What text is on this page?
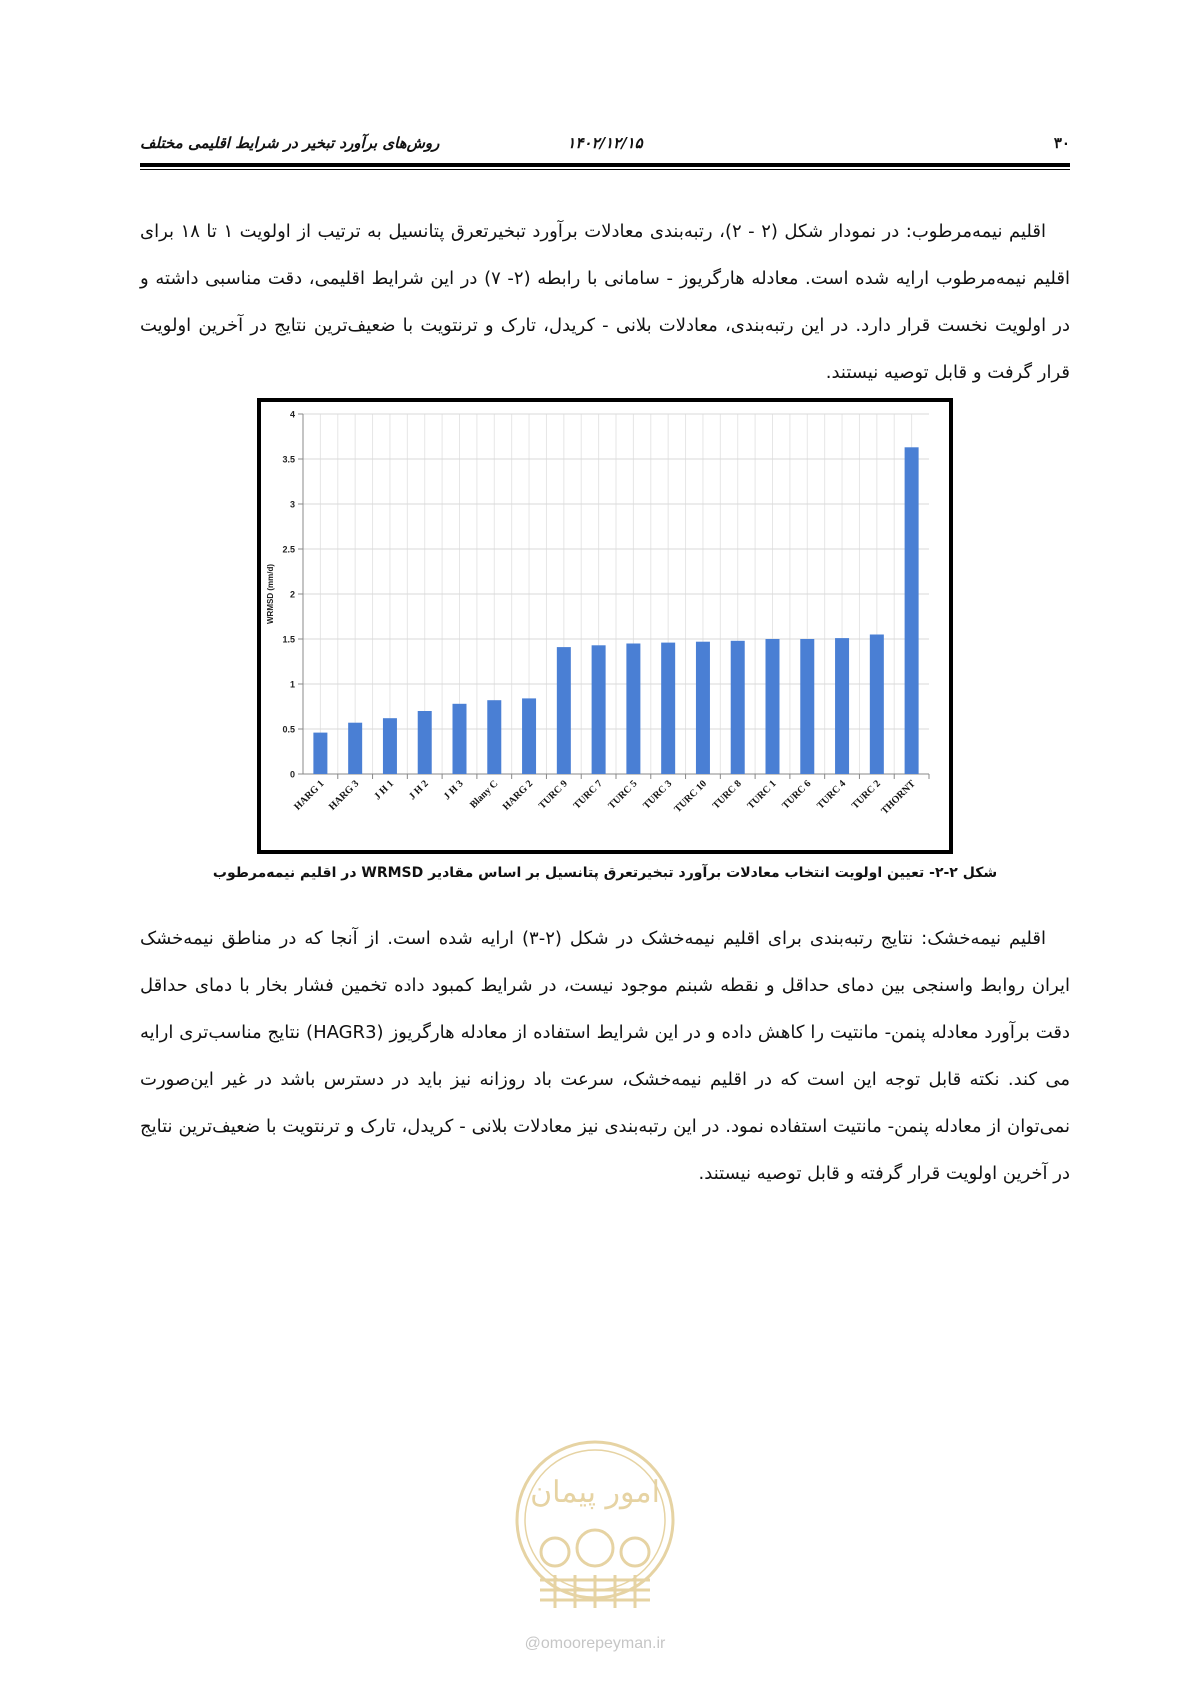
۳۰
۱۴۰۲/۱۲/۱۵
روش‌های برآورد تبخیر در شرایط اقلیمی مختلف

اقلیم نیمه‌مرطوب: در نمودار شکل (۲ - ۲)، رتبه‌بندی معادلات برآورد تبخیرتعرق پتانسیل به ترتیب از اولویت ۱ تا ۱۸ برای اقلیم نیمه‌مرطوب ارایه شده است. معادله هارگریوز - سامانی با رابطه (۲- ۷) در این شرایط اقلیمی، دقت مناسبی داشته و در اولویت نخست قرار دارد. در این رتبه‌بندی، معادلات بلانی - کریدل، تارک و ترنتویت با ضعیف‌ترین نتایج در آخرین اولویت قرار گرفت و قابل توصیه نیستند.

0
0.5
1
1.5
2
2.5
3
3.5
4
HARG 1 HARG 3 J H 1 J H 2 J H 3 Blany C HARG 2 TURC 9 TURC 7 TURC 5 TURC 3
TURC 10 TURC 8 TURC 1 TURC 6 TURC 4 TURC 2
THORNT
WRMSD (mm/d)
شکل ۲-۲- تعیین اولویت انتخاب معادلات برآورد تبخیرتعرق پتانسیل بر اساس مقادیر WRMSD در اقلیم نیمه‌مرطوب

اقلیم نیمه‌خشک: نتایج رتبه‌بندی برای اقلیم نیمه‌خشک در شکل (۲-۳) ارایه شده است. از آنجا که در مناطق نیمه‌خشک ایران روابط واسنجی بین دمای حداقل و نقطه شبنم موجود نیست، در شرایط کمبود داده تخمین فشار بخار با دمای حداقل دقت برآورد معادله پنمن- مانتیت را کاهش داده و در این شرایط استفاده از معادله هارگریوز (HAGR3) نتایج مناسب‌تری ارایه می کند. نکته قابل توجه این است که در اقلیم نیمه‌خشک، سرعت باد روزانه نیز باید در دسترس باشد در غیر این‌صورت نمی‌توان از معادله پنمن- مانتیت استفاده نمود. در این رتبه‌بندی نیز معادلات بلانی - کریدل، تارک و ترنتویت با ضعیف‌ترین نتایج در آخرین اولویت قرار گرفته و قابل توصیه نیستند.

امور پیمان
@omoorepeyman.ir
